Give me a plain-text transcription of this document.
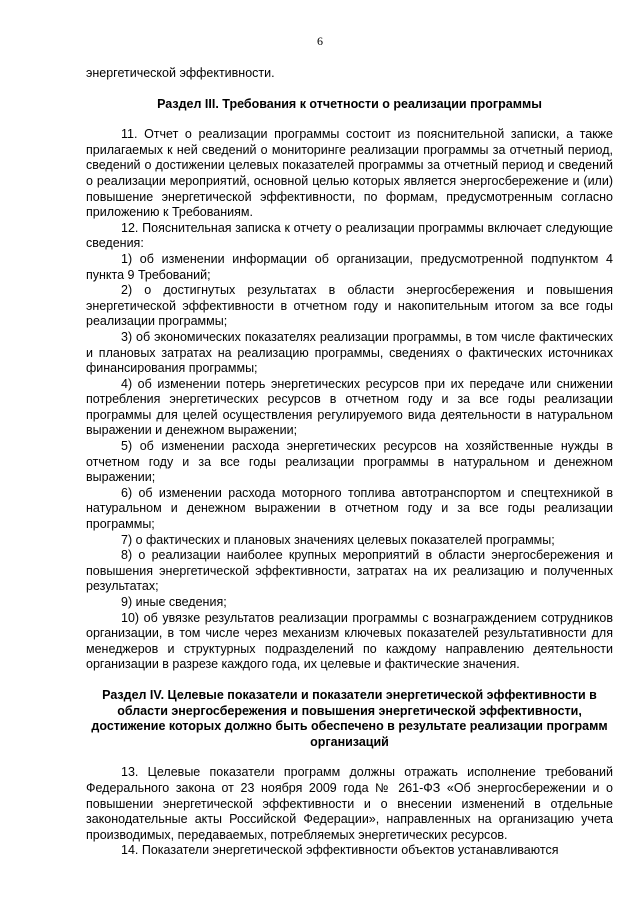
6

энергетической эффективности.

Раздел III. Требования к отчетности о реализации программы

11. Отчет о реализации программы состоит из пояснительной записки, а также прилагаемых к ней сведений о мониторинге реализации программы за отчетный период, сведений о достижении целевых показателей программы за отчетный период и сведений о реализации мероприятий, основной целью которых является энергосбережение и (или) повышение энергетической эффективности, по формам, предусмотренным согласно приложению к Требованиям.

12. Пояснительная записка к отчету о реализации программы включает следующие сведения:

1) об изменении информации об организации, предусмотренной подпунктом 4 пункта 9 Требований;

2) о достигнутых результатах в области энергосбережения и повышения энергетической эффективности в отчетном году и накопительным итогом за все годы реализации программы;

3) об экономических показателях реализации программы, в том числе фактических и плановых затратах на реализацию программы, сведениях о фактических источниках финансирования программы;

4) об изменении потерь энергетических ресурсов при их передаче или снижении потребления энергетических ресурсов в отчетном году и за все годы реализации программы для целей осуществления регулируемого вида деятельности в натуральном выражении и денежном выражении;

5) об изменении расхода энергетических ресурсов на хозяйственные нужды в отчетном году и за все годы реализации программы в натуральном и денежном выражении;

6) об изменении расхода моторного топлива автотранспортом и спецтехникой в натуральном и денежном выражении в отчетном году и за все годы реализации программы;

7) о фактических и плановых значениях целевых показателей программы;

8) о реализации наиболее крупных мероприятий в области энергосбережения и повышения энергетической эффективности, затратах на их реализацию и полученных результатах;

9) иные сведения;

10) об увязке результатов реализации программы с вознаграждением сотрудников организации, в том числе через механизм ключевых показателей результативности для менеджеров и структурных подразделений по каждому направлению деятельности организации в разрезе каждого года, их целевые и фактические значения.

Раздел IV. Целевые показатели и показатели энергетической эффективности в области энергосбережения и повышения энергетической эффективности, достижение которых должно быть обеспечено в результате реализации программ организаций

13. Целевые показатели программ должны отражать исполнение требований Федерального закона от 23 ноября 2009 года № 261-ФЗ «Об энергосбережении и о повышении энергетической эффективности и о внесении изменений в отдельные законодательные акты Российской Федерации», направленных на организацию учета производимых, передаваемых, потребляемых энергетических ресурсов.

14. Показатели энергетической эффективности объектов устанавливаются
